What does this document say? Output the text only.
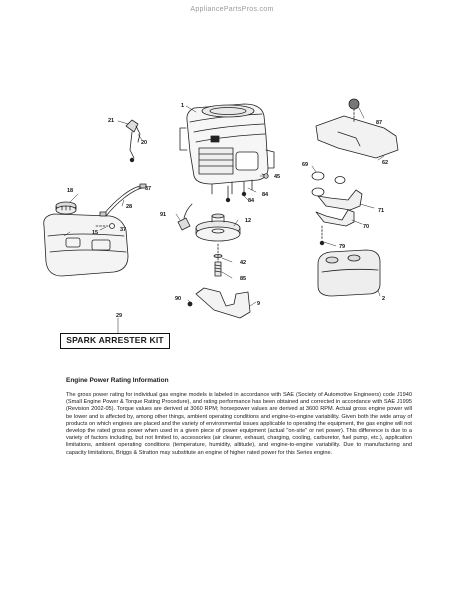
AppliancePartsPros.com
1
21
20
37
18
28
37
15
91
12
45
84
84
42
85
90
9
87
62
69
71
70
79
2
29
SPARK ARRESTER KIT
Engine Power Rating Information
The gross power rating for individual gas engine models is labeled in accordance with SAE (Society of Automotive Engineers) code J1940 (Small Engine Power & Torque Rating Procedure), and rating performance has been obtained and corrected in accordance with SAE J1995 (Revision 2002-05). Torque values are derived at 3060 RPM; horsepower values are derived at 3600 RPM. Actual gross engine power will be lower and is affected by, among other things, ambient operating conditions and engine-to-engine variability. Given both the wide array of products on which engines are placed and the variety of environmental issues applicable to operating the equipment, the gas engine will not develop the rated gross power when used in a given piece of power equipment (actual "on-site" or net power). This difference is due to a variety of factors including, but not limited to, accessories (air cleaner, exhaust, charging, cooling, carburetor, fuel pump, etc.), application limitations, ambient operating conditions (temperature, humidity, altitude), and engine-to-engine variability. Due to manufacturing and capacity limitations, Briggs & Stratton may substitute an engine of higher rated power for this Series engine.
